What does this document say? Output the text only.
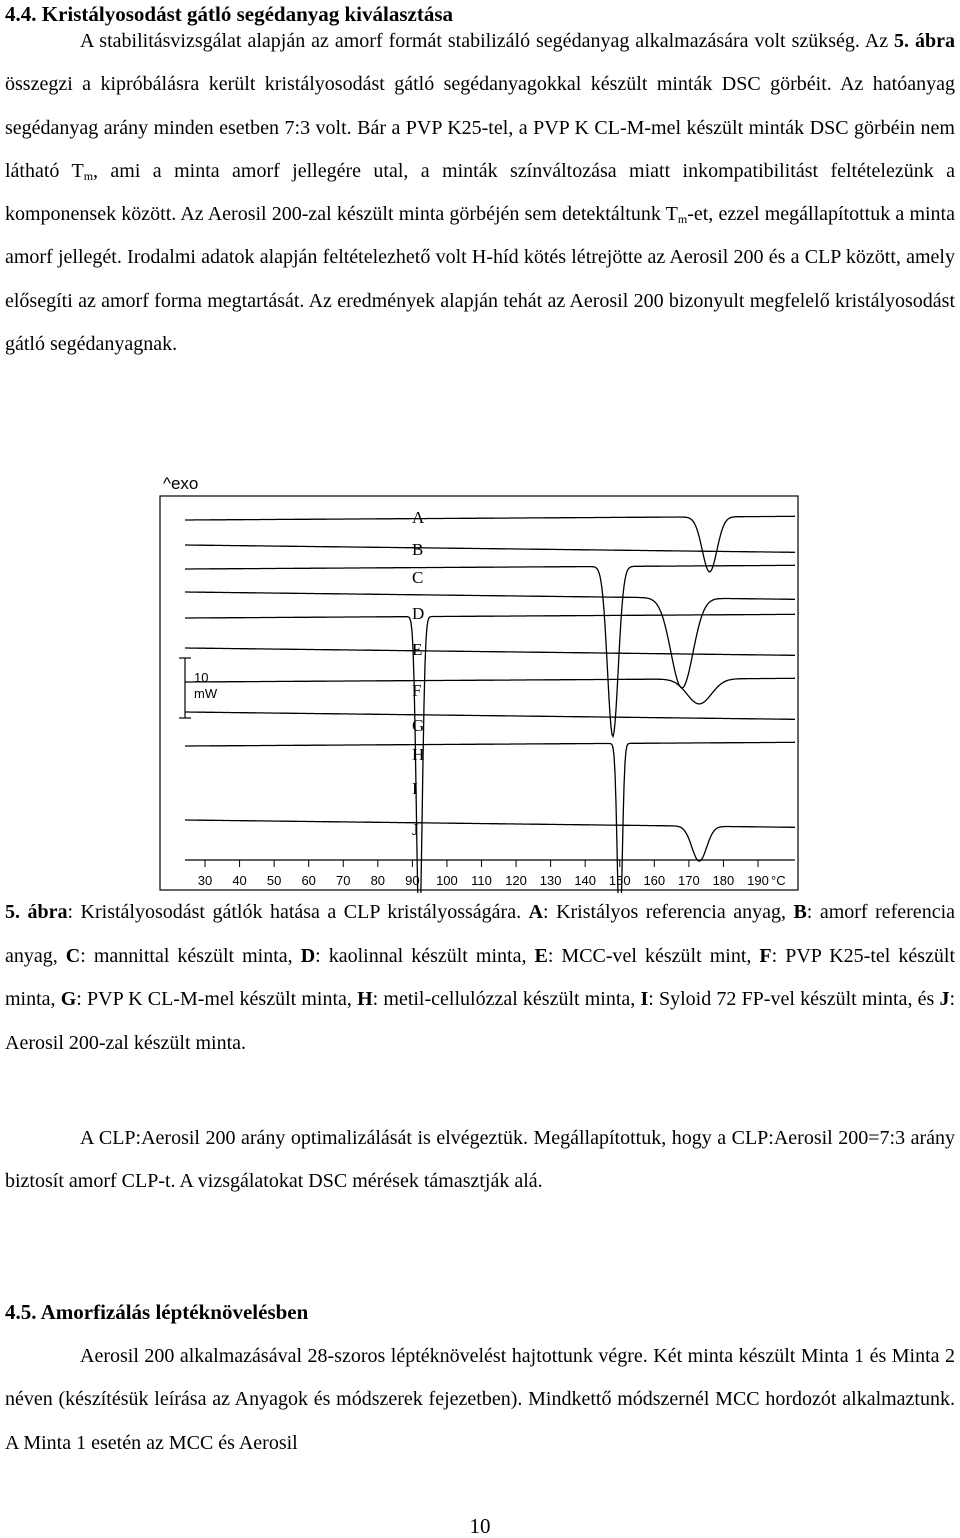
4.4. Kristályosodást gátló segédanyag kiválasztása

A stabilitásvizsgálat alapján az amorf formát stabilizáló segédanyag alkalmazására volt szükség. Az 5. ábra összegzi a kipróbálásra került kristályosodást gátló segédanyagokkal készült minták DSC görbéit. Az hatóanyag segédanyag arány minden esetben 7:3 volt. Bár a PVP K25-tel, a PVP K CL-M-mel készült minták DSC görbéin nem látható $T_m$, ami a minta amorf jellegére utal, a minták színváltozása miatt inkompatibilitást feltételezünk a komponensek között. Az Aerosil 200-zal készült minta görbéjén sem detektáltunk $T_m-et$, ezzel megállapítottuk a minta amorf jellegét. Irodalmi adatok alapján feltételezhető volt H-híd kötés létrejötte az Aerosil 200 és a CLP között, amely elősegíti az amorf forma megtartását. Az eredmények alapján tehát az Aerosil 200 bizonyult megfelelő kristályosodást gátló segédanyagnak.

^exo
10
mW
A
B
C
D
E
F
G
H
I
J
30 40 50 60 70 80 90 100 110 120 130 140 150 160 170 180 190 °C

5. ábra: Kristályosodást gátlók hatása a CLP kristályosságára. A: Kristályos referencia anyag, B: amorf referencia anyag, C: mannittal készült minta, D: kaolinnal készült minta, E: MCC-vel készült mint, F: PVP K25-tel készült minta, G: PVP K CL-M-mel készült minta, H: metil-cellulózzal készült minta, I: Syloid 72 FP-vel készült minta, és J: Aerosil 200-zal készült minta.

A CLP:Aerosil 200 arány optimalizálását is elvégeztük. Megállapítottuk, hogy a CLP:Aerosil 200=7:3 arány biztosít amorf CLP-t. A vizsgálatokat DSC mérések támasztják alá.

4.5. Amorfizálás léptéknövelésben

Aerosil 200 alkalmazásával 28-szoros léptéknövelést hajtottunk végre. Két minta készült Minta 1 és Minta 2 néven (készítésük leírása az Anyagok és módszerek fejezetben). Mindkettő módszernél MCC hordozót alkalmaztunk. A Minta 1 esetén az MCC és Aerosil

10
